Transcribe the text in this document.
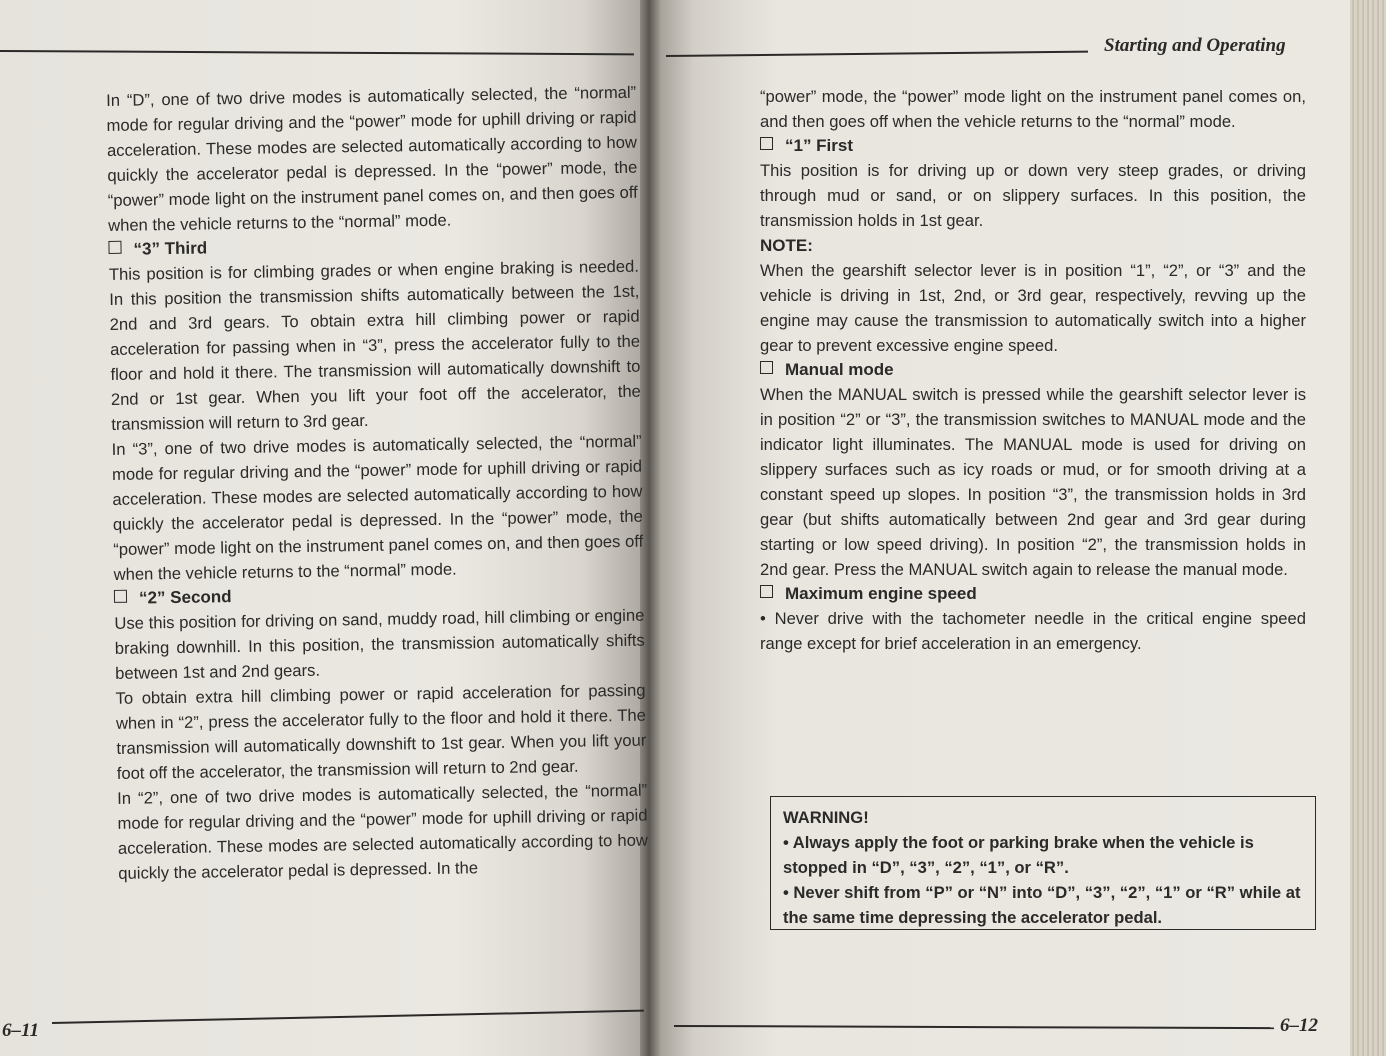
6–11
Starting and Operating
6–12

In “D”, one of two drive modes is automatically selected, the “normal” mode for regular driving and the “power” mode for uphill driving or rapid acceleration. These modes are selected automatically according to how quickly the accelerator pedal is depressed. In the “power” mode, the “power” mode light on the instrument panel comes on, and then goes off when the vehicle returns to the “normal” mode.

“3” Third

This position is for climbing grades or when engine braking is needed. In this position the transmission shifts automatically between the 1st, 2nd and 3rd gears. To obtain extra hill climbing power or rapid acceleration for passing when in “3”, press the accelerator fully to the floor and hold it there. The transmission will automatically downshift to 2nd or 1st gear. When you lift your foot off the accelerator, the transmission will return to 3rd gear.

In “3”, one of two drive modes is automatically selected, the “normal” mode for regular driving and the “power” mode for uphill driving or rapid acceleration. These modes are selected automatically according to how quickly the accelerator pedal is depressed. In the “power” mode, the “power” mode light on the instrument panel comes on, and then goes off when the vehicle returns to the “normal” mode.

“2” Second

Use this position for driving on sand, muddy road, hill climbing or engine braking downhill. In this position, the transmission automatically shifts between 1st and 2nd gears.

To obtain extra hill climbing power or rapid acceleration for passing when in “2”, press the accelerator fully to the floor and hold it there. The transmission will automatically downshift to 1st gear. When you lift your foot off the accelerator, the transmission will return to 2nd gear.

In “2”, one of two drive modes is automatically selected, the “normal” mode for regular driving and the “power” mode for uphill driving or rapid acceleration. These modes are selected automatically according to how quickly the accelerator pedal is depressed. In the

“power” mode, the “power” mode light on the instrument panel comes on, and then goes off when the vehicle returns to the “normal” mode.

“1” First

This position is for driving up or down very steep grades, or driving through mud or sand, or on slippery surfaces. In this position, the transmission holds in 1st gear.

NOTE:

When the gearshift selector lever is in position “1”, “2”, or “3” and the vehicle is driving in 1st, 2nd, or 3rd gear, respectively, revving up the engine may cause the transmission to automatically switch into a higher gear to prevent excessive engine speed.

Manual mode

When the MANUAL switch is pressed while the gearshift selector lever is in position “2” or “3”, the transmission switches to MANUAL mode and the indicator light illuminates. The MANUAL mode is used for driving on slippery surfaces such as icy roads or mud, or for smooth driving at a constant speed up slopes. In position “3”, the transmission holds in 3rd gear (but shifts automatically between 2nd gear and 3rd gear during starting or low speed driving). In position “2”, the transmission holds in 2nd gear. Press the MANUAL switch again to release the manual mode.

Maximum engine speed

• Never drive with the tachometer needle in the critical engine speed range except for brief acceleration in an emergency.

WARNING!

• Always apply the foot or parking brake when the vehicle is stopped in “D”, “3”, “2”, “1”, or “R”.

• Never shift from “P” or “N” into “D”, “3”, “2”, “1” or “R” while at the same time depressing the accelerator pedal.
